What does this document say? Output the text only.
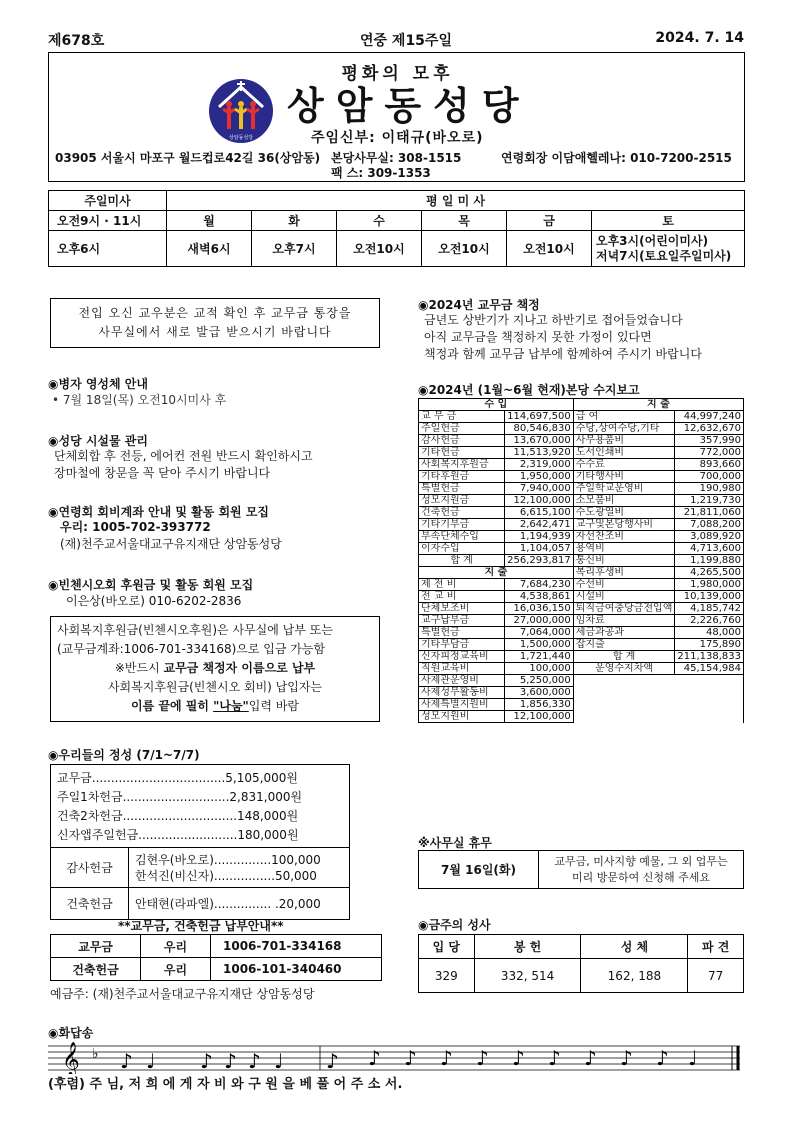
제678호	연중 제15주일	2024. 7. 14
평화의 모후
상암동성당
상암동성당
주임신부: 이태규(바오로)
03905 서울시 마포구 월드컵로42길 36(상암동) 본당사무실: 308-1515
팩 스: 309-1353
연령회장 이담애헬레나: 010-7200-2515
주일미사	평 일 미 사					
오전9시 · 11시	월	화	수	목	금	토
오후6시	새벽6시	오후7시	오전10시	오전10시	오전10시	오후3시(어린이미사)
저녁7시(토요일주일미사)
전입 오신 교우분은 교적 확인 후 교무금 통장을
사무실에서 새로 발급 받으시기 바랍니다
◉병자 영성체 안내
• 7월 18일(목) 오전10시미사 후
◉성당 시설물 관리
단체회합 후 전등, 에어컨 전원 반드시 확인하시고
장마철에 창문을 꼭 닫아 주시기 바랍니다
◉연령회 회비계좌 안내 및 활동 회원 모집
우리: 1005-702-393772
(재)천주교서울대교구유지재단 상암동성당
◉빈첸시오회 후원금 및 활동 회원 모집
이은상(바오로) 010-6202-2836
사회복지후원금(빈첸시오후원)은 사무실에 납부 또는
(교무금계좌:1006-701-334168)으로 입금 가능함
※반드시 교무금 책정자 이름으로 납부
사회복지후원금(빈첸시오 회비) 납입자는
이름 끝에 필히 "나눔"입력 바람
◉우리들의 정성 (7/1~7/7)
교무금...................................5,105,000원
주일1차헌금............................2,831,000원
건축2차헌금..............................148,000원
신자앱주일헌금..........................180,000원	

감사헌금	김현우(바오로)...............100,000
한석진(비신자)................50,000

건축헌금	안태현(라파엘)............... .20,000
**교무금, 건축헌금 납부안내**
교무금	우리	1006-701-334168
건축헌금	우리	1006-101-340460
예금주: (재)천주교서울대교구유지재단 상암동성당
◉2024년 교무금 책정
금년도 상반기가 지나고 하반기로 접어들었습니다
아직 교무금을 책정하지 못한 가정이 있다면
책정과 함께 교무금 납부에 함께하여 주시기 바랍니다
◉2024년 (1월~6월 현재)본당 수지보고
수 입		지 출	
교 무 금	114,697,500	급 여	44,997,240
주일헌금	80,546,830	수당,상여수당,기타	12,632,670
감사헌금	13,670,000	사무용품비	357,990
기타헌금	11,513,920	도서인쇄비	772,000
사회복지후원금	2,319,000	수수료	893,660
기타후원금	1,950,000	기타행사비	700,000
특별헌금	7,940,000	주일학교운영비	190,980
성모지원금	12,100,000	소모품비	1,219,730
건축헌금	6,615,100	수도광열비	21,811,060
기타기부금	2,642,471	교구및본당행사비	7,088,200
부속단체수입	1,194,939	자선찬조비	3,089,920
이자수입	1,104,057	용역비	4,713,600
합 계	256,293,817	통신비	1,199,880
지 출		복리후생비	4,265,500
제 전 비	7,684,230	수선비	1,980,000
전 교 비	4,538,861	시설비	10,139,000
단체보조비	16,036,150	퇴직금여충당금전입액	4,185,742
교구납부금	27,000,000	임차료	2,226,760
특별헌금	7,064,000	세금과공과	48,000
기타부담금	1,500,000	잡지출	175,890
신자피정교육비	1,721,440	합 계	211,138,833
직원교육비	100,000	운영수지차액	45,154,984
사제관운영비	5,250,000		
사제성무활동비	3,600,000		
사제특별지원비	1,856,330		
성모지원비	12,100,000		
※사무실 휴무
7월 16일(화)	
교무금, 미사지향 예물, 그 외 업무는
미리 방문하여 신청해 주세요
◉금주의 성사
입 당	봉 헌	성 체	파 견
329	332, 514	162, 188	77
◉화답송
𝄞 ♭ ♪ ♩ ♪ ♪ ♪ ♩ ♪ ♪ ♪ ♪ ♪ ♪ ♪ ♪ ♪ ♪ ♩
(후렴) 주 님, 저 희 에 게 자 비 와 구 원 을 베 풀 어 주 소 서.
